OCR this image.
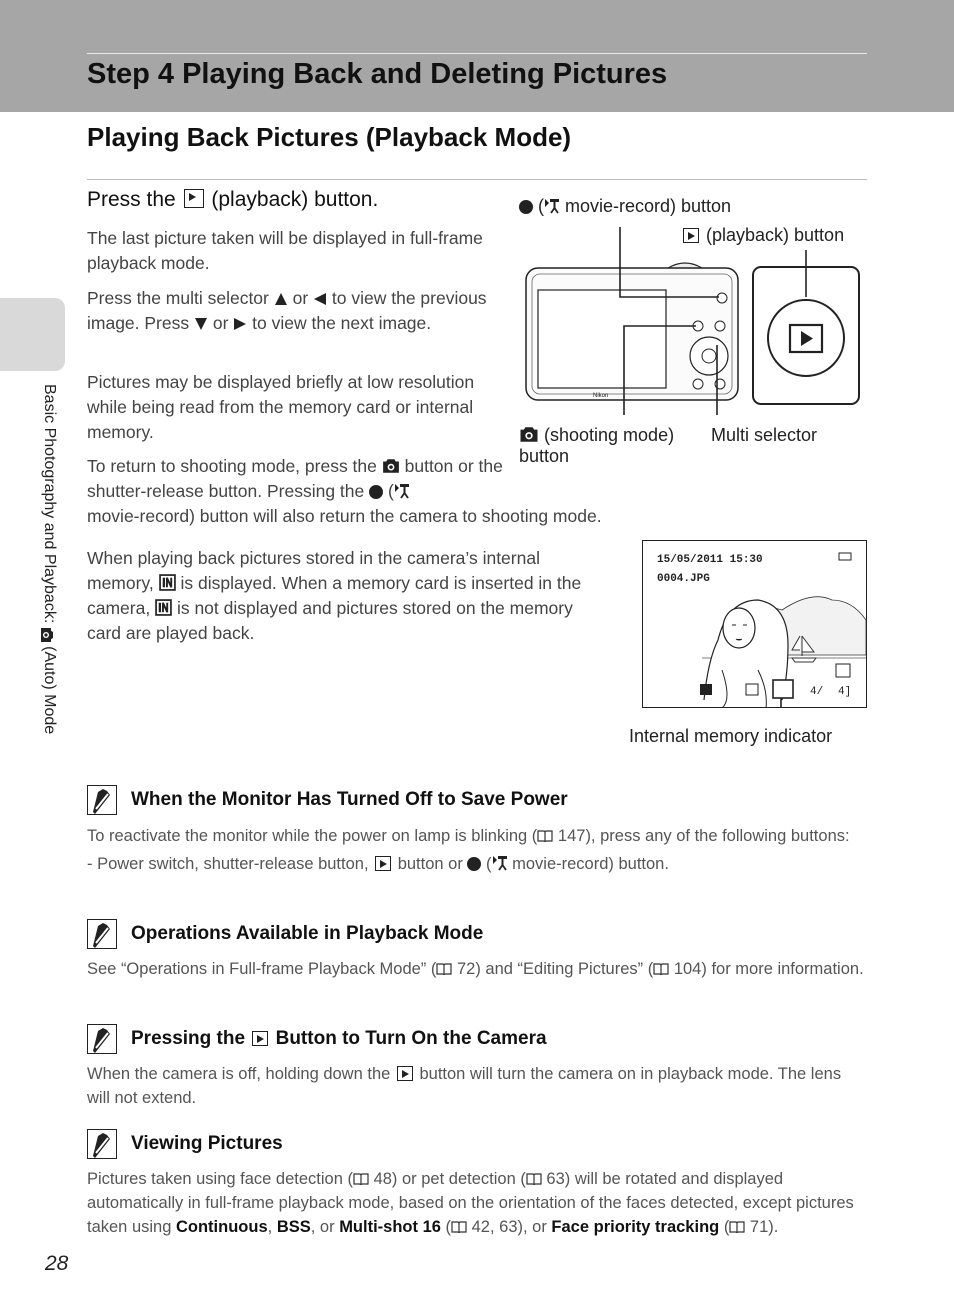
Step 4 Playing Back and Deleting Pictures
Playing Back Pictures (Playback Mode)
Basic Photography and Playback:  (Auto) Mode
Press the  (playback) button.

The last picture taken will be displayed in full-frame playback mode.

Press the multi selector  or  to view the previous image. Press  or  to view the next image.

Pictures may be displayed briefly at low resolution while being read from the memory card or internal memory.

To return to shooting mode, press the  button or the shutter-release button. Pressing the  (

movie-record) button will also return the camera to shooting mode.

When playing back pictures stored in the camera’s internal memory,  is displayed. When a memory card is inserted in the camera,  is not displayed and pictures stored on the memory card are played back.

( movie-record) button
(playback) button
(shooting mode)
button
Multi selector
Nikon
15/05/2011 15:30
0004.JPG
4/ 4]
Internal memory indicator
When the Monitor Has Turned Off to Save Power

To reactivate the monitor while the power on lamp is blinking ( 147), press any of the following buttons:
- Power switch, shutter-release button,  button or  ( movie-record) button.

Operations Available in Playback Mode

See “Operations in Full-frame Playback Mode” ( 72) and “Editing Pictures” ( 104) for more information.

Pressing the  Button to Turn On the Camera

When the camera is off, holding down the  button will turn the camera on in playback mode. The lens will not extend.

Viewing Pictures

Pictures taken using face detection ( 48) or pet detection ( 63) will be rotated and displayed automatically in full-frame playback mode, based on the orientation of the faces detected, except pictures taken using Continuous, BSS, or Multi-shot 16 ( 42, 63), or Face priority tracking ( 71).

28
